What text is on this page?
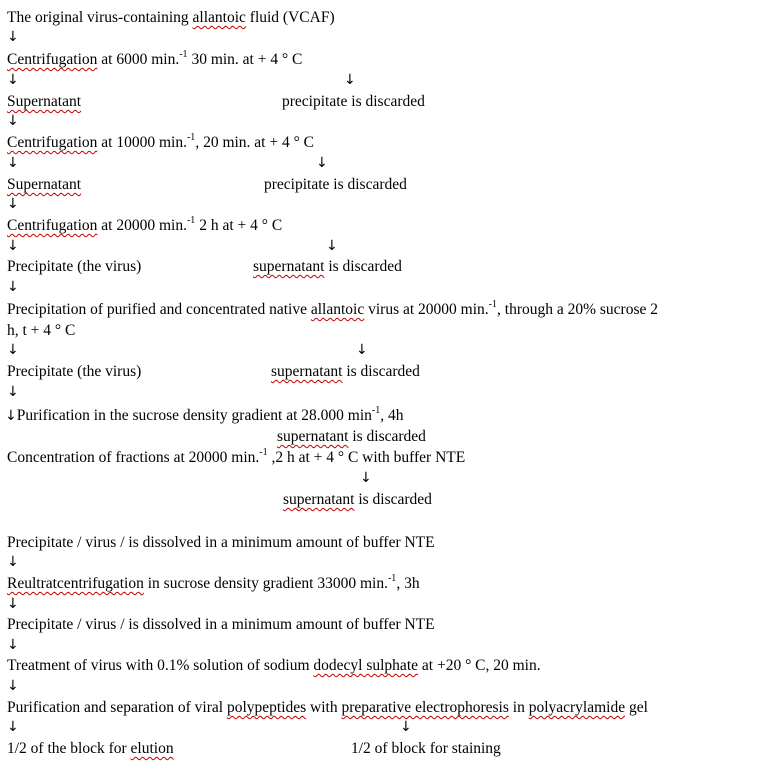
The original virus-containing allantoic fluid (VCAF)
↓
Centrifugation at 6000 min.$^{-1}$ 30 min. at + 4 ° C
↓	↓
Supernatant	precipitate is discarded
↓
Centrifugation at 10000 min.$^{-1}$, 20 min. at + 4 ° C
↓	↓
Supernatant	precipitate is discarded
↓
Centrifugation at 20000 min.$^{-1}$ 2 h at + 4 ° C
↓	↓
Precipitate (the virus)	supernatant is discarded
↓
Precipitation of purified and concentrated native allantoic virus at 20000 min.$^{-1}$, through a 20% sucrose 2
h, t + 4 ° C
↓	↓
Precipitate (the virus)	supernatant is discarded
↓
↓Purification in the sucrose density gradient at 28.000 $\min^{-1}$, 4h
supernatant is discarded
Concentration of fractions at 20000 min.$^{-1}$ ,2 h at + 4 ° C with buffer NTE
↓
supernatant is discarded
Precipitate / virus / is dissolved in a minimum amount of buffer NTE
↓
Reultratcentrifugation in sucrose density gradient 33000 min.$^{-1}$, 3h
↓
Precipitate / virus / is dissolved in a minimum amount of buffer NTE
↓
Treatment of virus with 0.1% solution of sodium dodecyl sulphate at +20 ° C, 20 min.
↓
Purification and separation of viral polypeptides with preparative electrophoresis in polyacrylamide gel
↓	↓
1/2 of the block for elution	1/2 of block for staining
